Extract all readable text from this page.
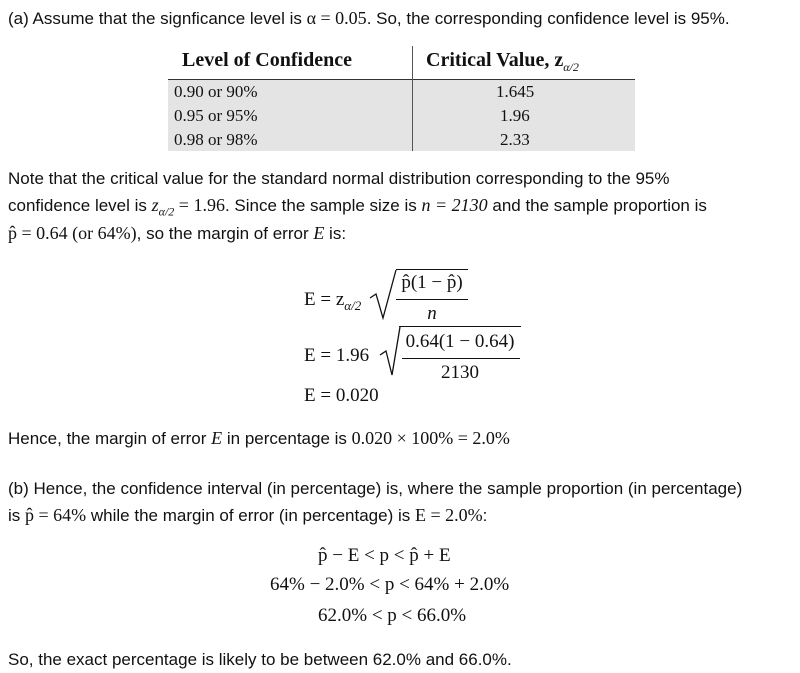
(a) Assume that the signficance level is α = 0.05. So, the corresponding confidence level is 95%.
Level of Confidence	Critical Value, $z_{\alpha/2}$
0.90 or 90%	1.645
0.95 or 95%	1.96
0.98 or 98%	2.33
Note that the critical value for the standard normal distribution corresponding to the 95%
confidence level is $z_{\alpha/2} = 1.96$. Since the sample size is n = 2130 and the sample proportion is
p̂ = 0.64 (or 64%), so the margin of error E is:
$E = z_{\alpha/2}$
p̂(1 − p̂)
n
E = 1.96
0.64(1 − 0.64)
2130
E = 0.020
Hence, the margin of error E in percentage is 0.020 × 100% = 2.0%
(b) Hence, the confidence interval (in percentage) is, where the sample proportion (in percentage)
is p̂ = 64% while the margin of error (in percentage) is E = 2.0%:
p̂ − E < p < p̂ + E
64% − 2.0% < p < 64% + 2.0%
62.0% < p < 66.0%
So, the exact percentage is likely to be between 62.0% and 66.0%.
